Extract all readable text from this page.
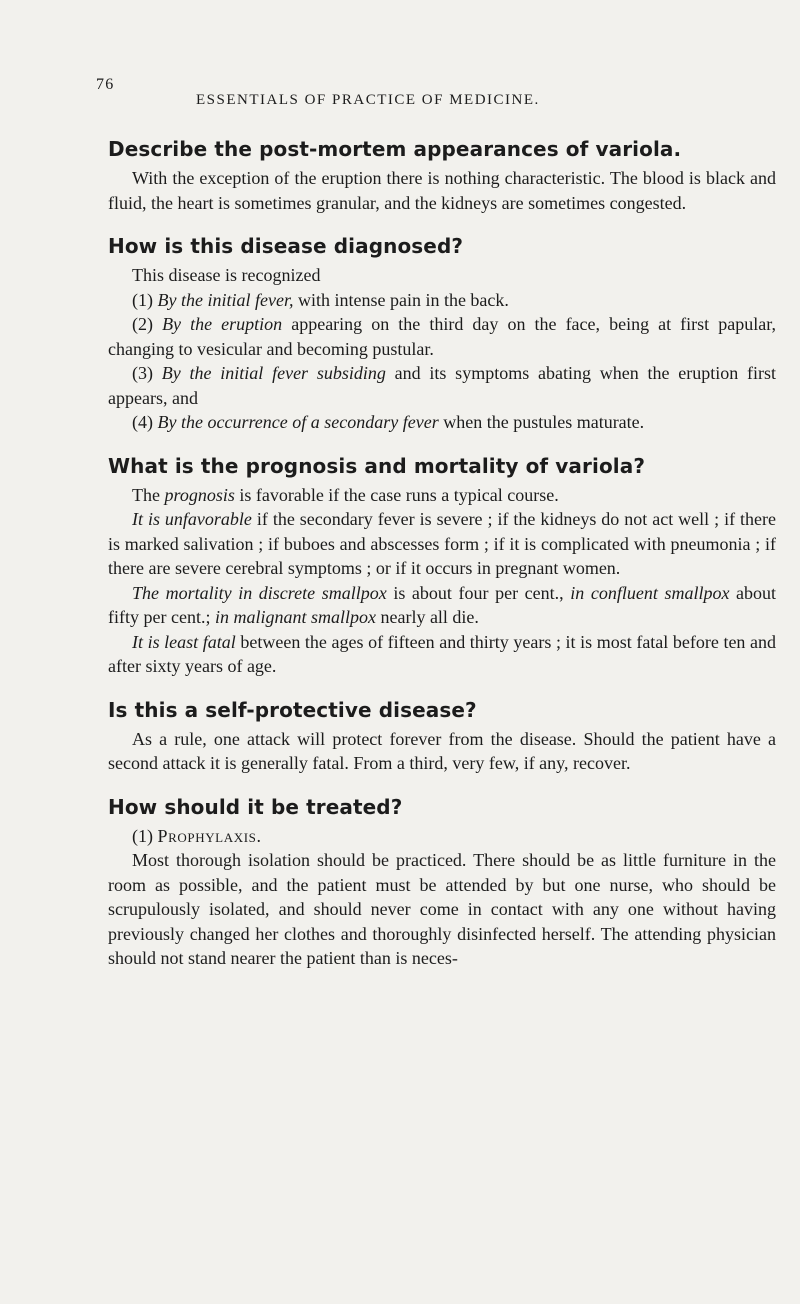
76
ESSENTIALS OF PRACTICE OF MEDICINE.
Describe the post-mortem appearances of variola.

With the exception of the eruption there is nothing characteristic. The blood is black and fluid, the heart is sometimes granular, and the kidneys are sometimes congested.

How is this disease diagnosed?

This disease is recognized

(1) By the initial fever, with intense pain in the back.

(2) By the eruption appearing on the third day on the face, being at first papular, changing to vesicular and becoming pustular.

(3) By the initial fever subsiding and its symptoms abating when the eruption first appears, and

(4) By the occurrence of a secondary fever when the pustules maturate.

What is the prognosis and mortality of variola?

The prognosis is favorable if the case runs a typical course.

It is unfavorable if the secondary fever is severe ; if the kidneys do not act well ; if there is marked salivation ; if buboes and abscesses form ; if it is complicated with pneumonia ; if there are severe cerebral symptoms ; or if it occurs in pregnant women.

The mortality in discrete smallpox is about four per cent., in confluent smallpox about fifty per cent.; in malignant smallpox nearly all die.

It is least fatal between the ages of fifteen and thirty years ; it is most fatal before ten and after sixty years of age.

Is this a self-protective disease?

As a rule, one attack will protect forever from the disease. Should the patient have a second attack it is generally fatal. From a third, very few, if any, recover.

How should it be treated?

(1) Prophylaxis.

Most thorough isolation should be practiced. There should be as little furniture in the room as possible, and the patient must be attended by but one nurse, who should be scrupulously isolated, and should never come in contact with any one without having previously changed her clothes and thoroughly disinfected herself. The attending physician should not stand nearer the patient than is neces-
